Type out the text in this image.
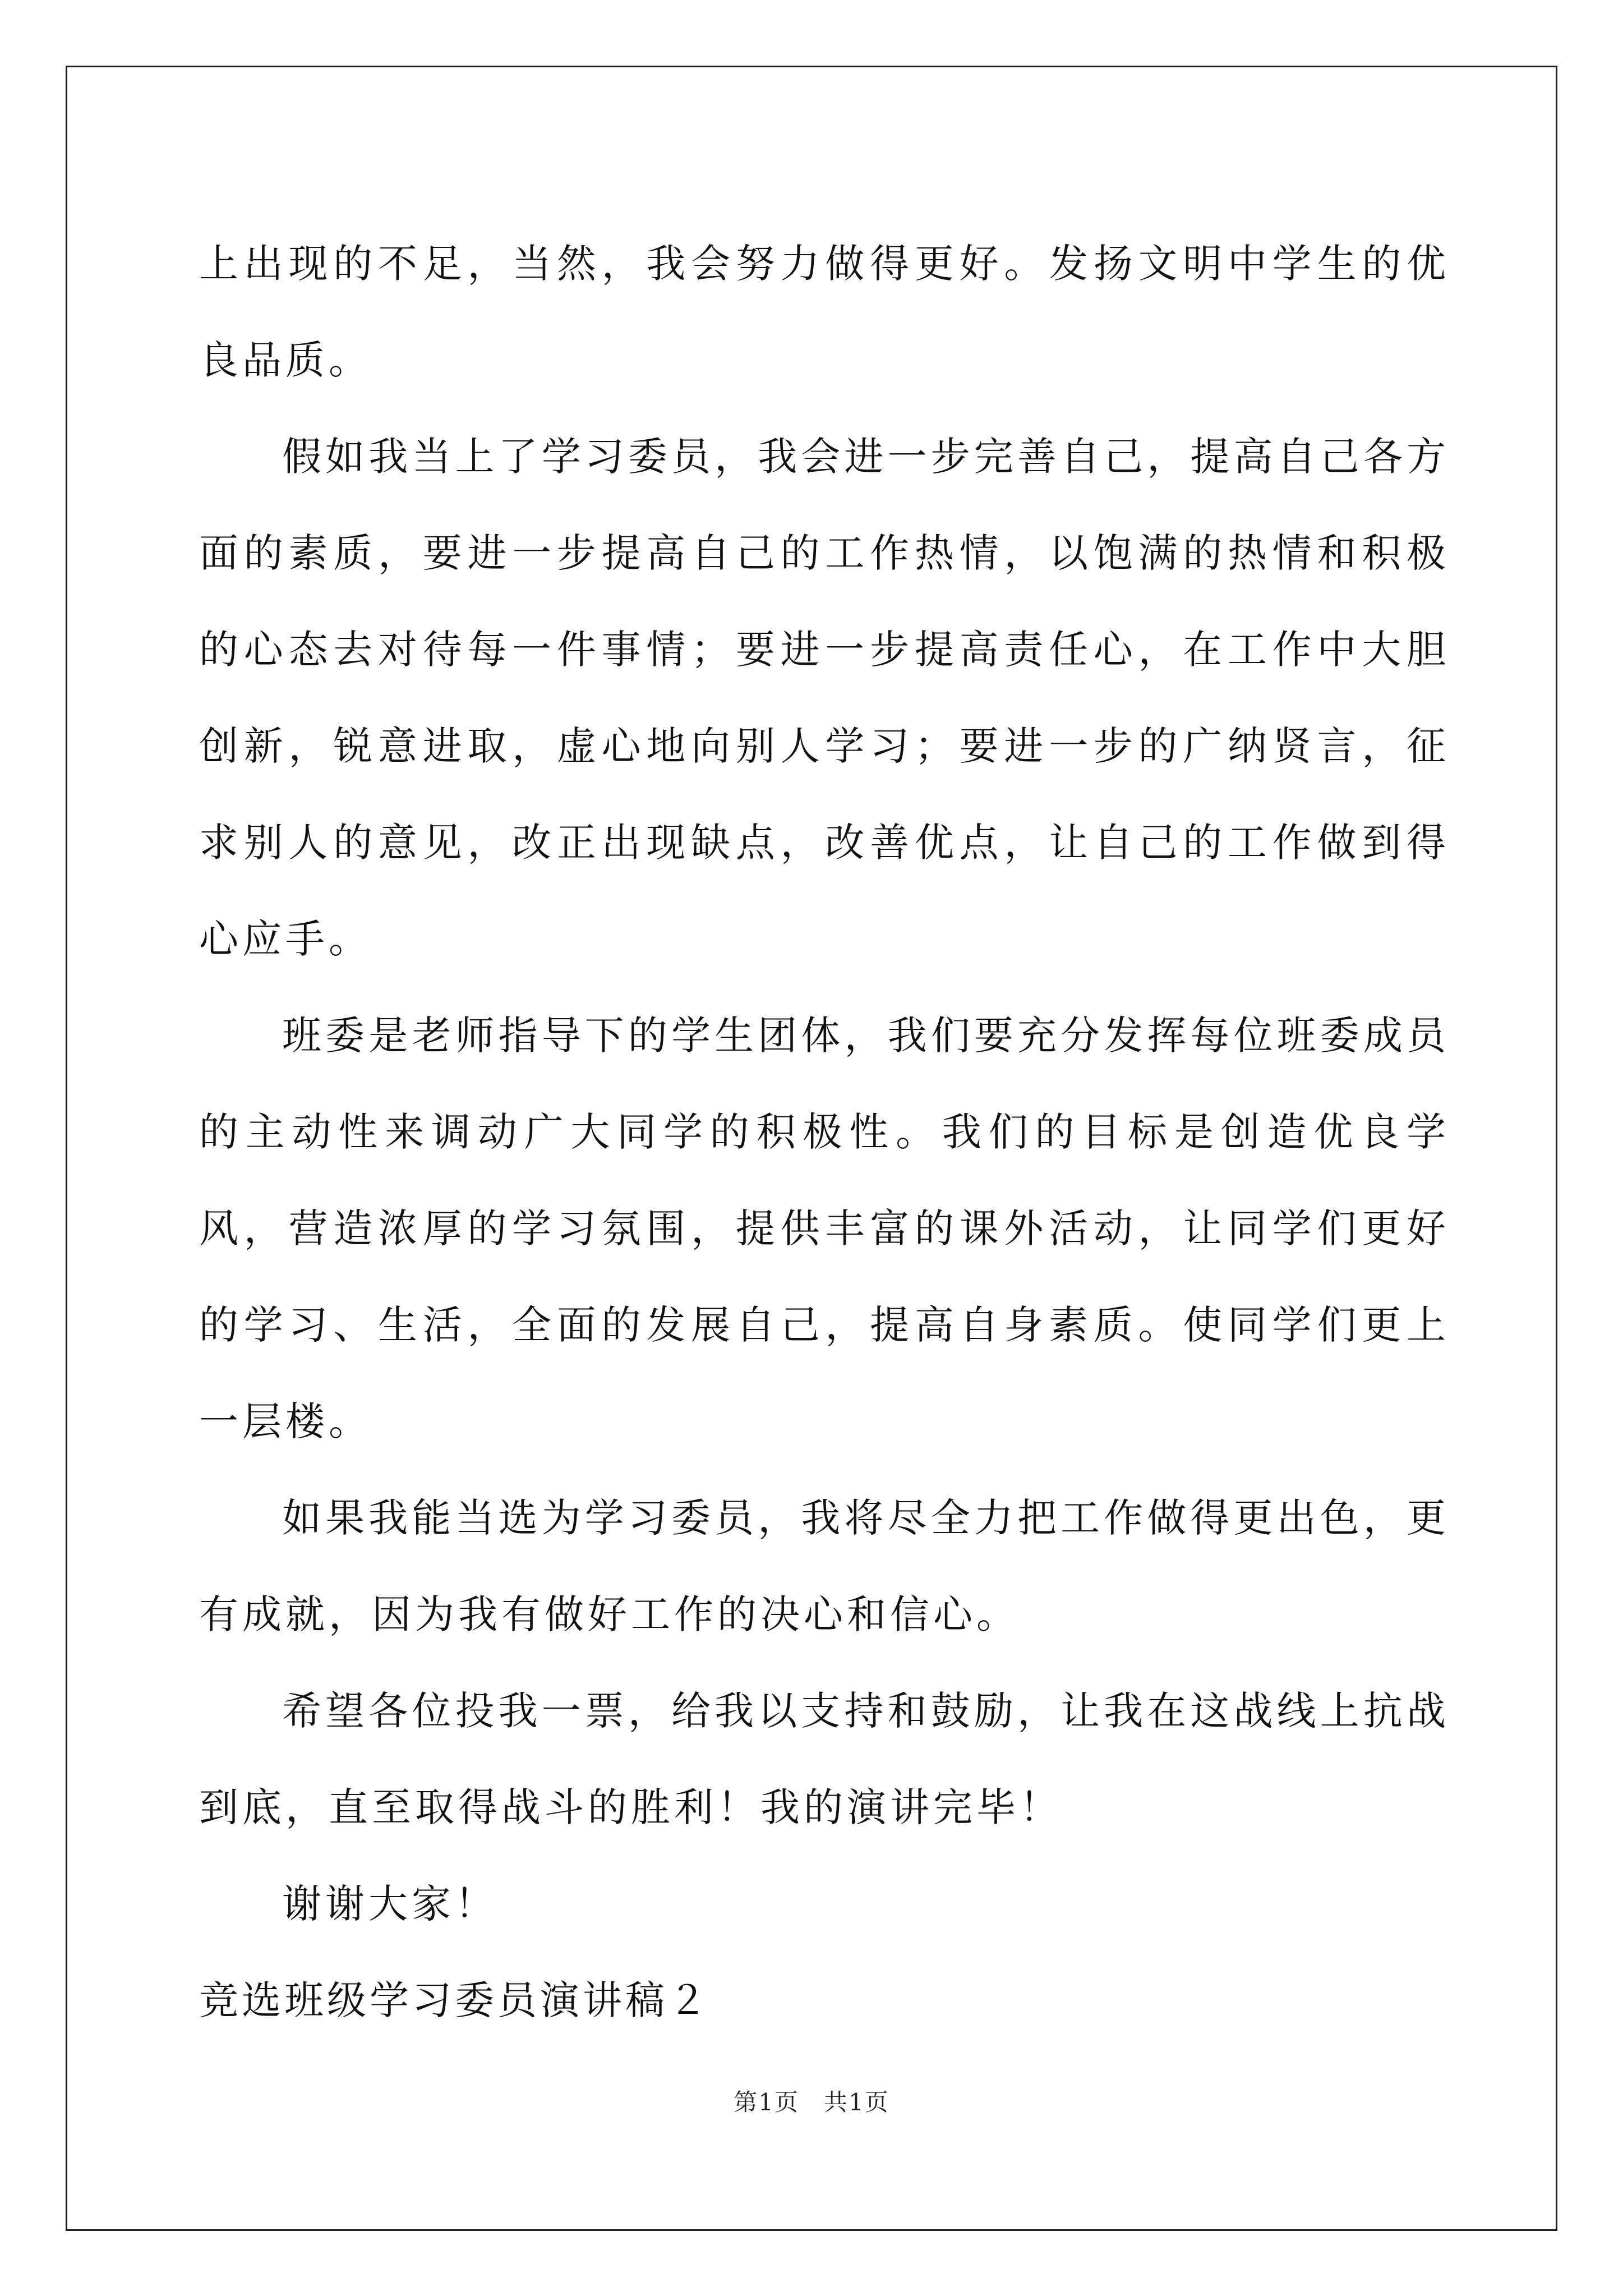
上出现的不足，当然，我会努力做得更好。发扬文明中学生的优良品质。

假如我当上了学习委员，我会进一步完善自己，提高自己各方面的素质，要进一步提高自己的工作热情，以饱满的热情和积极的心态去对待每一件事情；要进一步提高责任心，在工作中大胆创新，锐意进取，虚心地向别人学习；要进一步的广纳贤言，征求别人的意见，改正出现缺点，改善优点，让自己的工作做到得心应手。

班委是老师指导下的学生团体，我们要充分发挥每位班委成员的主动性来调动广大同学的积极性。我们的目标是创造优良学风，营造浓厚的学习氛围，提供丰富的课外活动，让同学们更好的学习、生活，全面的发展自己，提高自身素质。使同学们更上一层楼。

如果我能当选为学习委员，我将尽全力把工作做得更出色，更有成就，因为我有做好工作的决心和信心。

希望各位投我一票，给我以支持和鼓励，让我在这战线上抗战到底，直至取得战斗的胜利！我的演讲完毕！

谢谢大家！

竞选班级学习委员演讲稿２

第1页　共1页
